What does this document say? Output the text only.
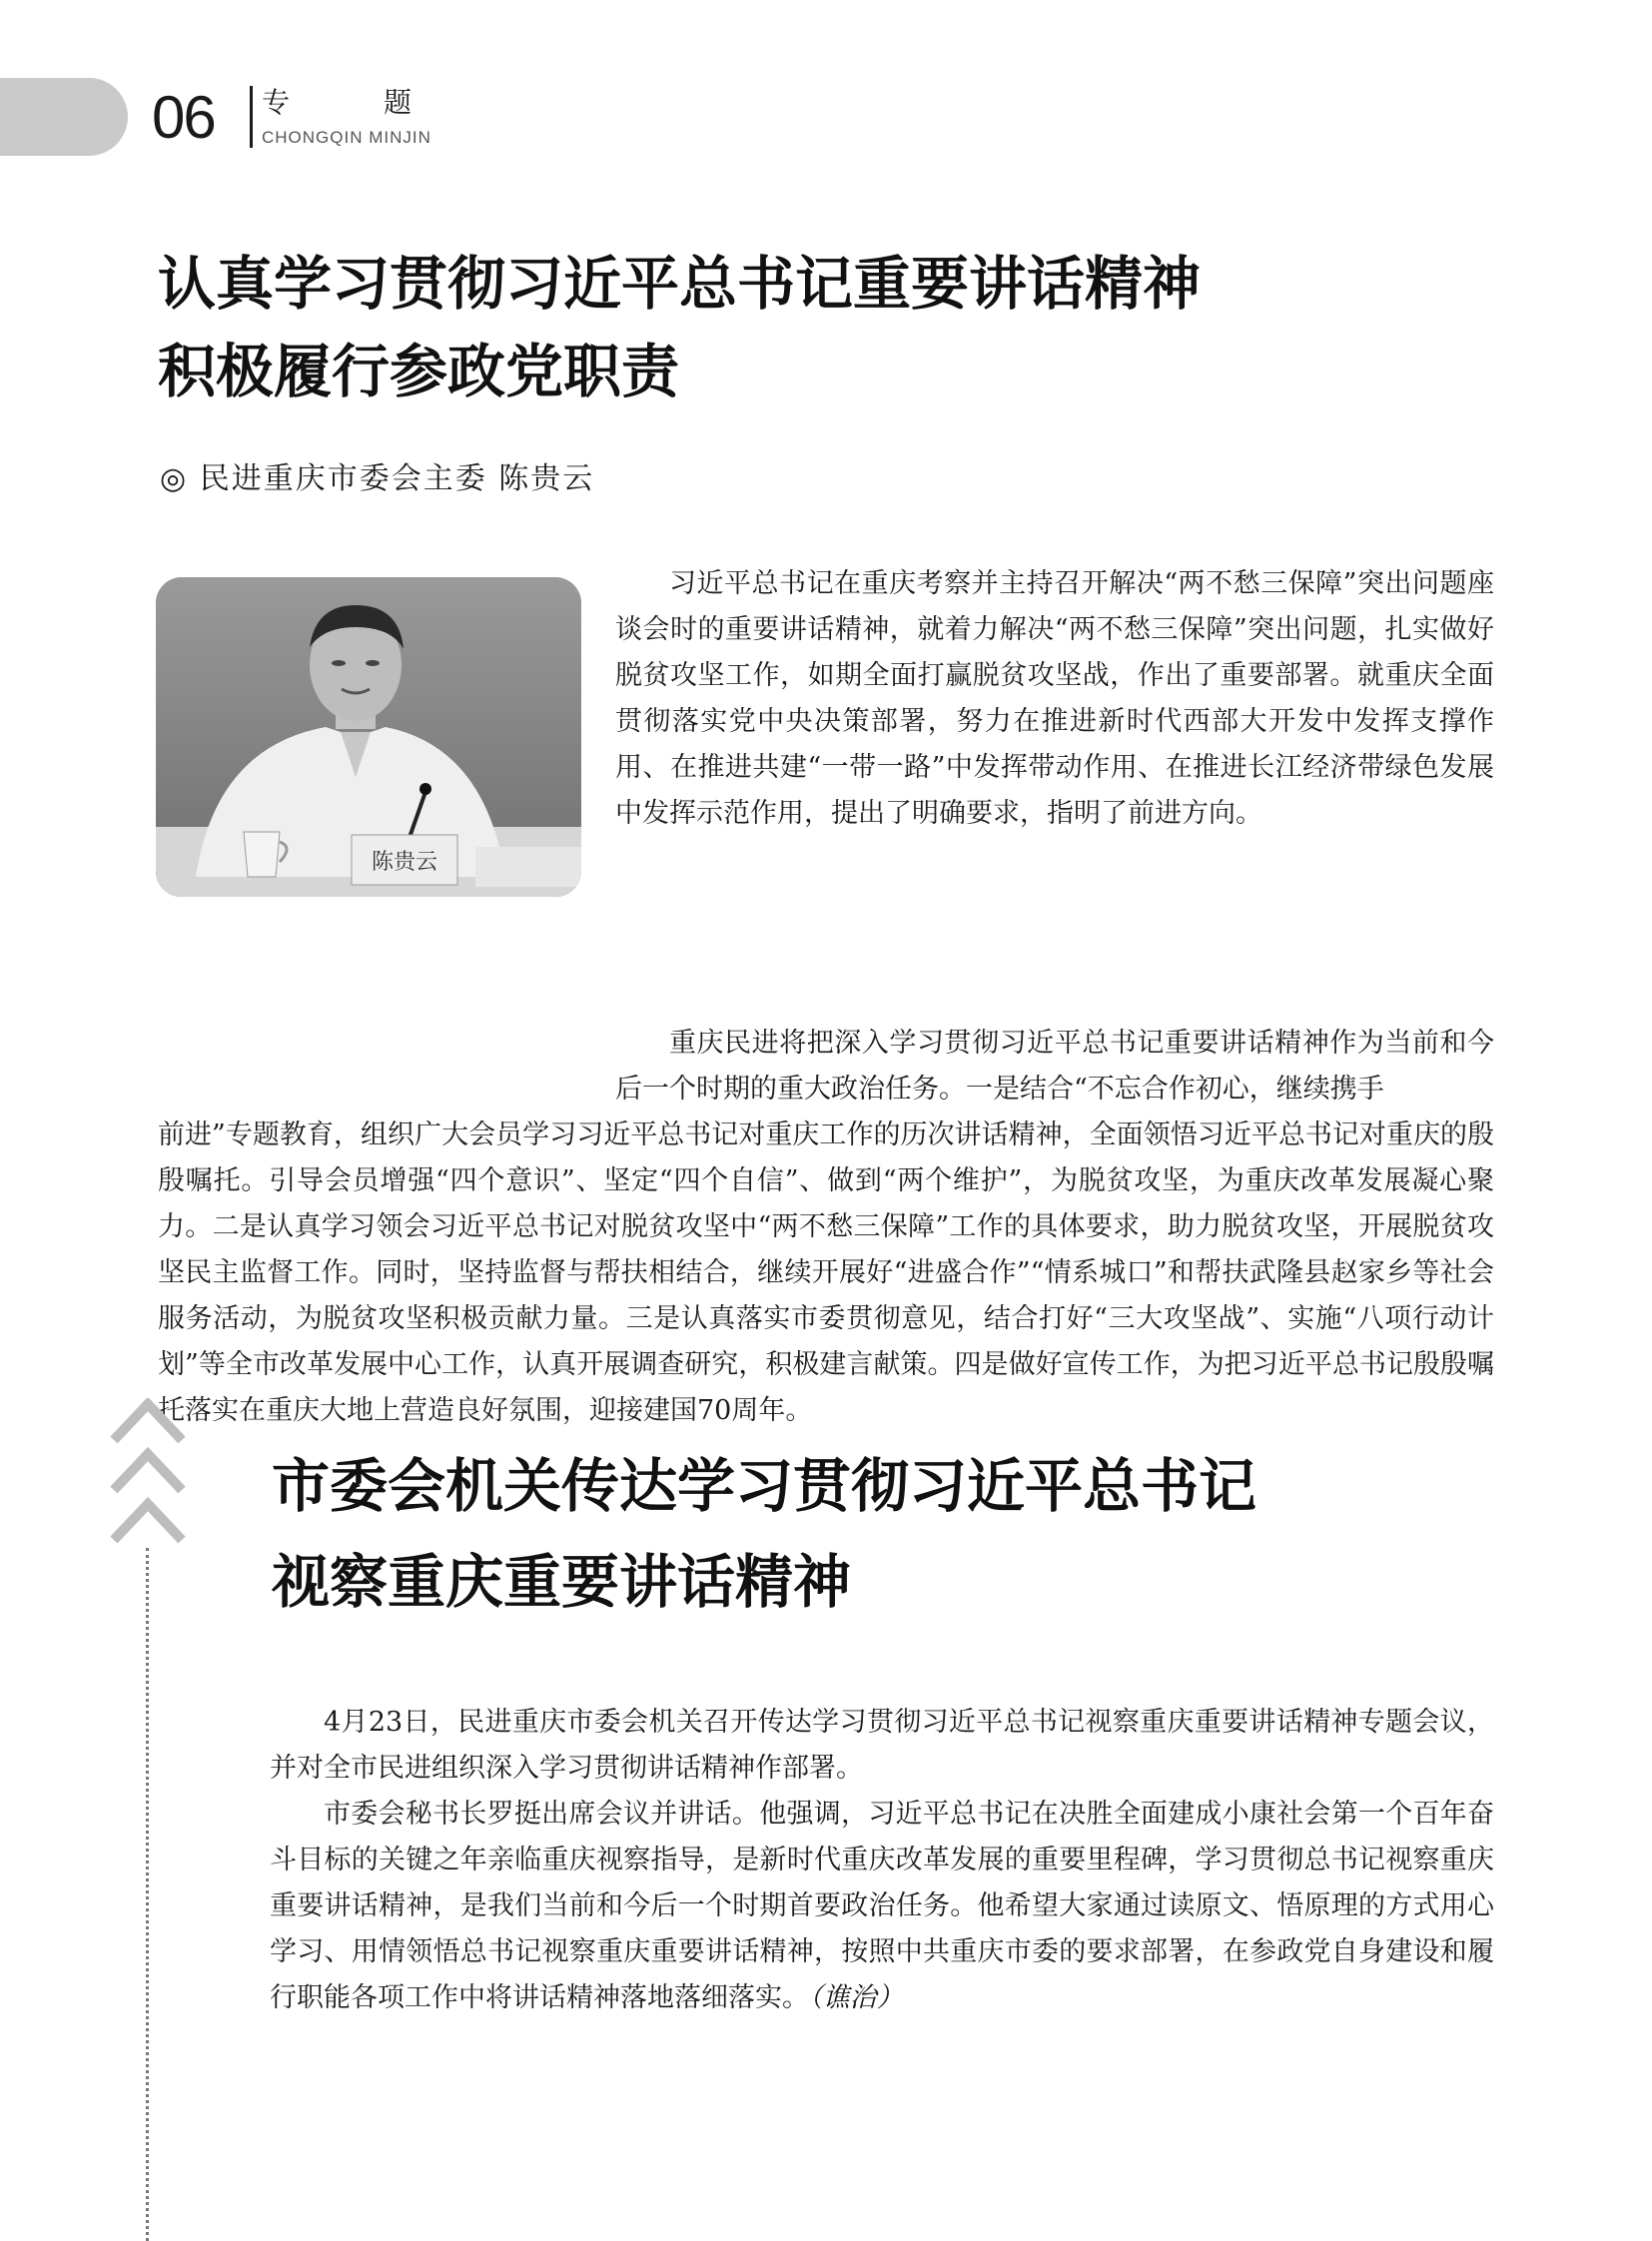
06 专	题
CHONGQIN MINJIN
认真学习贯彻习近平总书记重要讲话精神
积极履行参政党职责
◎ 民进重庆市委会主委 陈贵云
陈贵云

习近平总书记在重庆考察并主持召开解决“两不愁三保障”突出问题座谈会时的重要讲话精神，就着力解决“两不愁三保障”突出问题，扎实做好脱贫攻坚工作，如期全面打赢脱贫攻坚战，作出了重要部署。就重庆全面贯彻落实党中央决策部署，努力在推进新时代西部大开发中发挥支撑作用、在推进共建“一带一路”中发挥带动作用、在推进长江经济带绿色发展中发挥示范作用，提出了明确要求，指明了前进方向。

重庆民进将把深入学习贯彻习近平总书记重要讲话精神作为当前和今后一个时期的重大政治任务。一是结合“不忘合作初心，继续携手

前进”专题教育，组织广大会员学习习近平总书记对重庆工作的历次讲话精神，全面领悟习近平总书记对重庆的殷殷嘱托。引导会员增强“四个意识”、坚定“四个自信”、做到“两个维护”，为脱贫攻坚，为重庆改革发展凝心聚力。二是认真学习领会习近平总书记对脱贫攻坚中“两不愁三保障”工作的具体要求，助力脱贫攻坚，开展脱贫攻坚民主监督工作。同时，坚持监督与帮扶相结合，继续开展好“进盛合作”“情系城口”和帮扶武隆县赵家乡等社会服务活动，为脱贫攻坚积极贡献力量。三是认真落实市委贯彻意见，结合打好“三大攻坚战”、实施“八项行动计划”等全市改革发展中心工作，认真开展调查研究，积极建言献策。四是做好宣传工作，为把习近平总书记殷殷嘱托落实在重庆大地上营造良好氛围，迎接建国70周年。

市委会机关传达学习贯彻习近平总书记
视察重庆重要讲话精神

4月23日，民进重庆市委会机关召开传达学习贯彻习近平总书记视察重庆重要讲话精神专题会议，并对全市民进组织深入学习贯彻讲话精神作部署。

市委会秘书长罗挺出席会议并讲话。他强调，习近平总书记在决胜全面建成小康社会第一个百年奋斗目标的关键之年亲临重庆视察指导，是新时代重庆改革发展的重要里程碑，学习贯彻总书记视察重庆重要讲话精神，是我们当前和今后一个时期首要政治任务。他希望大家通过读原文、悟原理的方式用心学习、用情领悟总书记视察重庆重要讲话精神，按照中共重庆市委的要求部署，在参政党自身建设和履行职能各项工作中将讲话精神落地落细落实。（谯治）
